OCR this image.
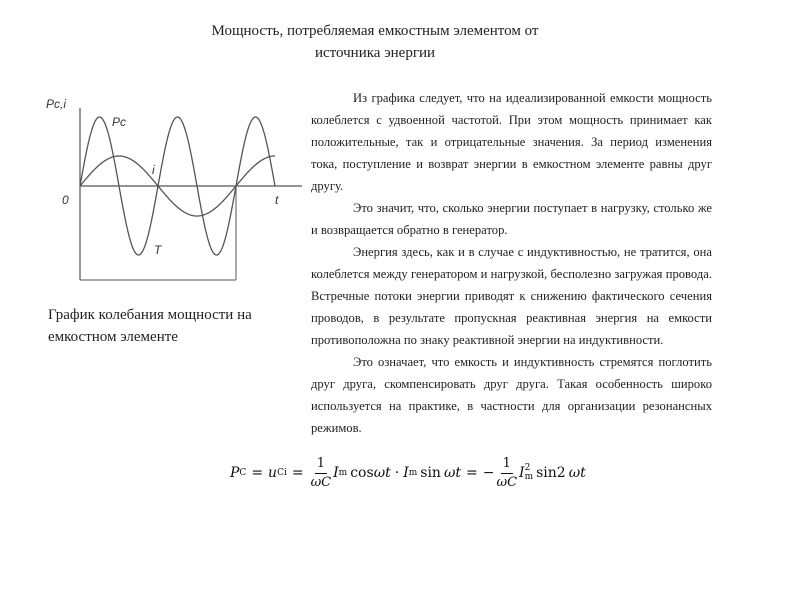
Мощность, потребляемая емкостным элементом от
источника энергии
Pc,i
Pc
i
0	t
T
График колебания мощности на емкостном элементе

Из графика следует, что на идеализированной емкости мощность колеблется с удвоенной частотой. При этом мощность принимает как положительные, так и отрицательные значения. За период изменения тока, поступление и возврат энергии в емкостном элементе равны друг другу.

Это значит, что, сколько энергии поступает в нагрузку, столько же и возвращается обратно в генератор.

Энергия здесь, как и в случае с индуктивностью, не тратится, она колеблется между генератором и нагрузкой, бесполезно загружая провода. Встречные потоки энергии приводят к снижению фактического сечения проводов, в результате пропускная реактивная энергия на емкости противоположна по знаку реактивной энергии на индуктивности.

Это означает, что емкость и индуктивность стремятся поглотить друг друга, скомпенсировать друг друга. Такая особенность широко используется на практике, в частности для организации резонансных режимов.

P C = u $Ci = \frac{1}{\omega C}$ I m cos ωt · I m sin ωt = − $\frac{1}{\omega C}$ I 2
m sin2 ωt
